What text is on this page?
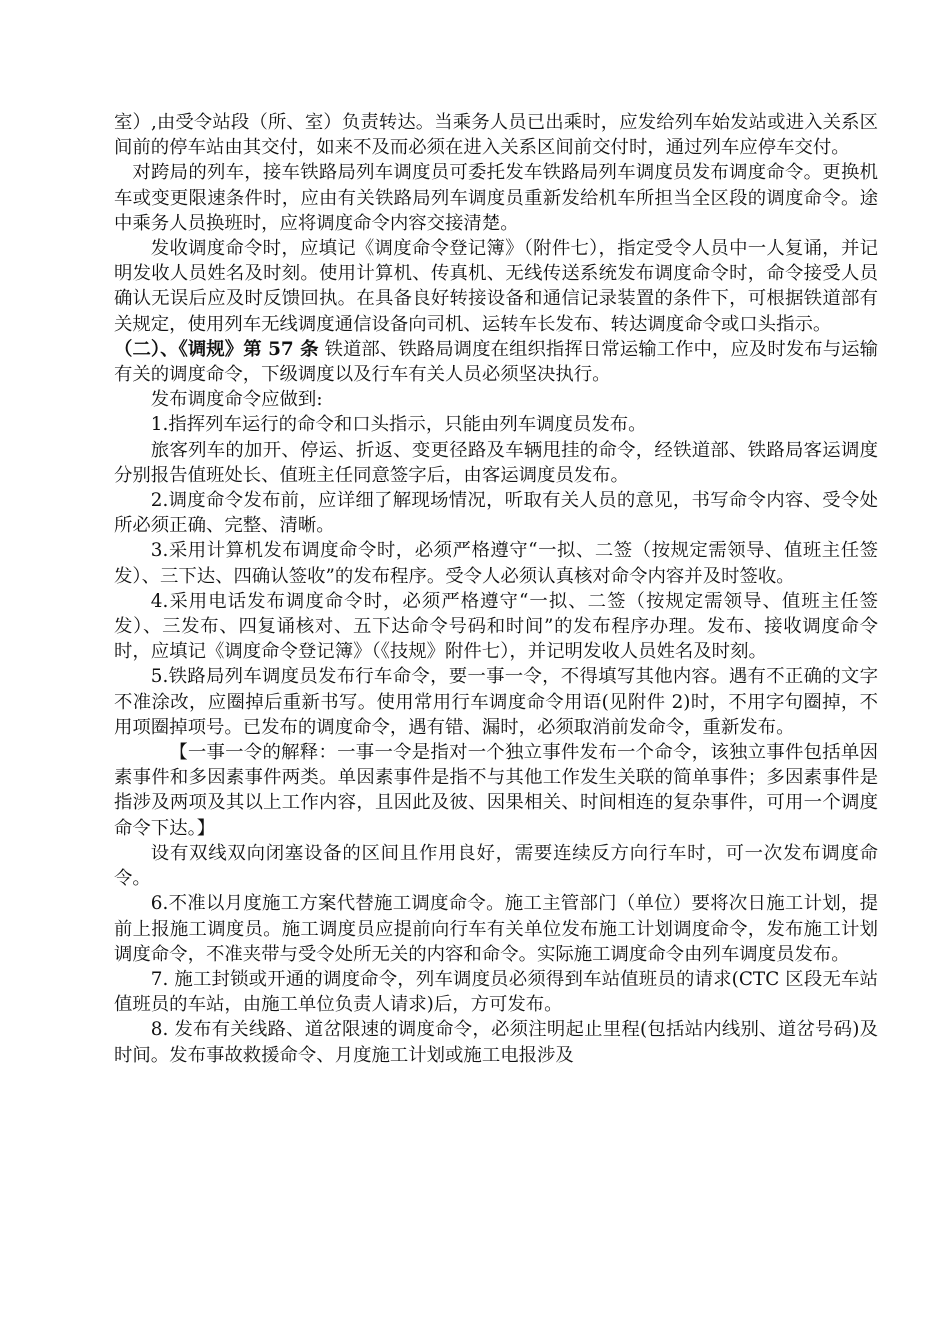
室）,由受令站段（所、室）负责转达。当乘务人员已出乘时，应发给列车始发站或进入关系区间前的停车站由其交付，如来不及而必须在进入关系区间前交付时，通过列车应停车交付。

对跨局的列车，接车铁路局列车调度员可委托发车铁路局列车调度员发布调度命令。更换机车或变更限速条件时，应由有关铁路局列车调度员重新发给机车所担当全区段的调度命令。途中乘务人员换班时，应将调度命令内容交接清楚。

发收调度命令时，应填记《调度命令登记簿》（附件七），指定受令人员中一人复诵，并记明发收人员姓名及时刻。使用计算机、传真机、无线传送系统发布调度命令时，命令接受人员确认无误后应及时反馈回执。在具备良好转接设备和通信记录装置的条件下，可根据铁道部有关规定，使用列车无线调度通信设备向司机、运转车长发布、转达调度命令或口头指示。

（二）、《调规》第 57 条 铁道部、铁路局调度在组织指挥日常运输工作中，应及时发布与运输有关的调度命令，下级调度以及行车有关人员必须坚决执行。

发布调度命令应做到:

1.指挥列车运行的命令和口头指示，只能由列车调度员发布。

旅客列车的加开、停运、折返、变更径路及车辆甩挂的命令，经铁道部、铁路局客运调度分别报告值班处长、值班主任同意签字后，由客运调度员发布。

2.调度命令发布前，应详细了解现场情况，听取有关人员的意见，书写命令内容、受令处所必须正确、完整、清晰。

3.采用计算机发布调度命令时，必须严格遵守“一拟、二签（按规定需领导、值班主任签发）、三下达、四确认签收”的发布程序。受令人必须认真核对命令内容并及时签收。

4.采用电话发布调度命令时，必须严格遵守“一拟、二签（按规定需领导、值班主任签发）、三发布、四复诵核对、五下达命令号码和时间”的发布程序办理。发布、接收调度命令时，应填记《调度命令登记簿》（《技规》附件七），并记明发收人员姓名及时刻。

5.铁路局列车调度员发布行车命令，要一事一令，不得填写其他内容。遇有不正确的文字不准涂改，应圈掉后重新书写。使用常用行车调度命令用语(见附件 2)时，不用字句圈掉，不用项圈掉项号。已发布的调度命令，遇有错、漏时，必须取消前发命令，重新发布。

【一事一令的解释：一事一令是指对一个独立事件发布一个命令，该独立事件包括单因素事件和多因素事件两类。单因素事件是指不与其他工作发生关联的简单事件；多因素事件是指涉及两项及其以上工作内容，且因此及彼、因果相关、时间相连的复杂事件，可用一个调度命令下达。】

设有双线双向闭塞设备的区间且作用良好，需要连续反方向行车时，可一次发布调度命令。

6.不准以月度施工方案代替施工调度命令。施工主管部门（单位）要将次日施工计划，提前上报施工调度员。施工调度员应提前向行车有关单位发布施工计划调度命令，发布施工计划调度命令，不准夹带与受令处所无关的内容和命令。实际施工调度命令由列车调度员发布。

7. 施工封锁或开通的调度命令，列车调度员必须得到车站值班员的请求(CTC 区段无车站值班员的车站，由施工单位负责人请求)后，方可发布。

8. 发布有关线路、道岔限速的调度命令，必须注明起止里程(包括站内线别、道岔号码)及时间。发布事故救援命令、月度施工计划或施工电报涉及
